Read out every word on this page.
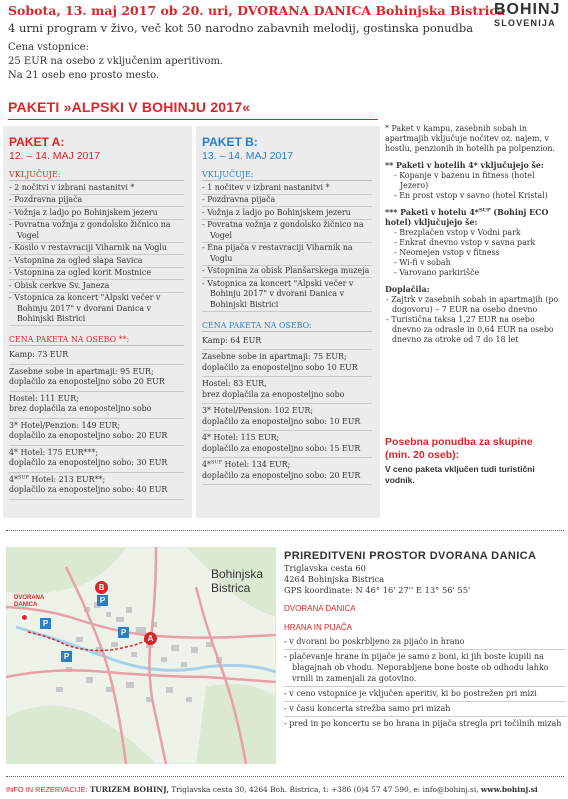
Sobota, 13. maj 2017 ob 20. uri, DVORANA DANICA Bohinjska Bistrica
4 urni program v živo, več kot 50 narodno zabavnih melodij, gostinska ponudba
BOHINJ
SLOVENIJA
Cena vstopnice:
25 EUR na osebo z vključenim aperitivom.
Na 21 oseb eno prosto mesto.
PAKETI »ALPSKI V BOHINJU 2017«
PAKET A:
12. – 14. MAJ 2017
VKLJUČUJE:
- 2 nočitvi v izbrani nastanitvi *
- Pozdravna pijača
- Vožnja z ladjo po Bohinjskem jezeru
- Povratna vožnja z gondolsko žičnico na Vogel
- Kosilo v restavraciji Viharnik na Voglu
- Vstopnina za ogled slapa Savica
- Vstopnina za ogled korit Mostnice
- Obisk cerkve Sv. Janeza
- Vstopnica za koncert "Alpski večer v Bohinju 2017" v dvorani Danica v Bohinjski Bistrici
CENA PAKETA NA OSEBO **:
Kamp: 73 EUR
Zasebne sobe in apartmaji: 95 EUR;
doplačilo za enoposteljno sobo 20 EUR
Hostel: 111 EUR;
brez doplačila za enoposteljno sobo
3* Hotel/Penzion: 149 EUR;
doplačilo za enoposteljno sobo: 20 EUR
4* Hotel: 175 EUR***;
doplačilo za enoposteljno sobo: 30 EUR
4*$^{SUP}$ Hotel: 213 EUR**;
doplačilo za enoposteljno sobo: 40 EUR
PAKET B:
13. – 14. MAJ 2017
VKLJUČUJE:
- 1 nočitev v izbrani nastanitvi *
- Pozdravna pijača
- Vožnja z ladjo po Bohinjskem jezeru
- Povratna vožnja z gondolsko žičnico na Vogel
- Ena pijača v restavraciji Viharnik na Voglu
- Vstopnina za obisk Planšarskega muzeja
- Vstopnica za koncert "Alpski večer v Bohinju 2017" v dvorani Danica v Bohinjski Bistrici
CENA PAKETA NA OSEBO:
Kamp: 64 EUR
Zasebne sobe in apartmaji: 75 EUR;
doplačilo za enoposteljno sobo 10 EUR
Hostel: 83 EUR,
brez doplačila za enoposteljno sobo
3* Hotel/Pension: 102 EUR;
doplačilo za enoposteljno sobo: 10 EUR
4* Hotel: 115 EUR;
doplačilo za enoposteljno sobo: 15 EUR
4*$^{SUP}$ Hotel: 134 EUR;
doplačilo za enoposteljno sobo: 20 EUR
* Paket v kampu, zasebnih sobah in apartmajih vključuje nočitev oz. najem, v hostlu, penzionih in hotelih pa polpenzion.
** Paketi v hotelih 4* vključujejo še:
- Kopanje v bazenu in fitness (hotel Jezero)
- En prost vstop v savno (hotel Kristal)
*** Paketi v hotelu 4*$^{SUP}$ (Bohinj ECO hotel) vključujejo še:
- Brezplačen vstop v Vodni park
- Enkrat dnevno vstop v savna park
- Neomejen vstop v fitness
- Wi-fi v sobah
- Varovano parkirišče
Doplačila:
- Zajtrk v zasebnih sobah in apartmajih (po dogovoru) – 7 EUR na osebo dnevno
- Turistična taksa 1,27 EUR na osebo dnevno za odrasle in 0,64 EUR na osebo dnevno za otroke od 7 do 18 let
Posebna ponudba za skupine
(min. 20 oseb):
V ceno paketa vključen tudi turistični vodnik.
Bohinjska
Bistrica
DVORANA
DANICA
B
A
P
P
P
P
PRIREDITVENI PROSTOR DVORANA DANICA
Triglavska cesta 60
4264 Bohinjska Bistrica
GPS koordinate: N 46° 16' 27'' E 13° 56' 55'
DVORANA DANICA
HRANA IN PIJAČA
- v dvorani bo poskrbljeno za pijačo in hrano
- plačevanje hrane in pijače je samo z boni, ki jih boste kupili na blagajnah ob vhodu. Neporabljene bone boste ob odhodu lahko vrnili in zamenjali za gotovino.
- v ceno vstopnice je vključen aperitiv, ki bo postrežen pri mizi
- v času koncerta strežba samo pri mizah
- pred in po koncertu se bo hrana in pijača stregla pri točilnih mizah
INFO IN REZERVACIJE: TURIZEM BOHINJ, Triglavska cesta 30, 4264 Boh. Bistrica, t: +386 (0)4 57 47 590, e: info@bohinj.si, www.bohinj.si
